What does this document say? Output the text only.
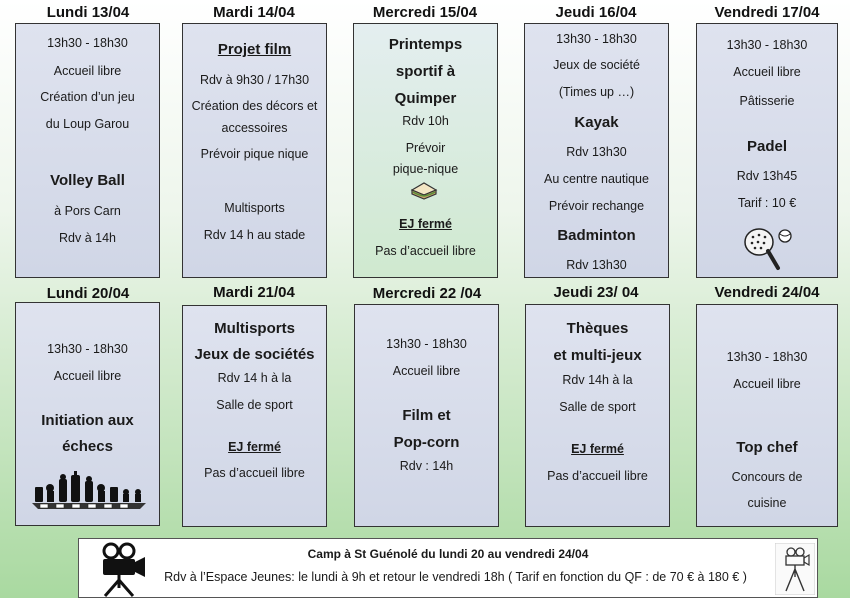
Lundi 13/04	Mardi 14/04	Mercredi 15/04	Jeudi 16/04	Vendredi 17/04
13h30 - 18h30
Accueil libre
Création d’un jeu
du Loup Garou
Volley Ball
à Pors Carn
Rdv à 14h
Projet film
Rdv à 9h30 / 17h30
Création des décors et
accessoires
Prévoir pique nique
Multisports
Rdv 14 h au stade
Printemps
sportif à
Quimper
Rdv 10h
Prévoir
pique-nique
EJ fermé
Pas d’accueil libre
13h30 - 18h30
Jeux de société
(Times up …)
Kayak
Rdv 13h30
Au centre nautique
Prévoir rechange
Badminton
Rdv 13h30
13h30 - 18h30
Accueil libre
Pâtisserie
Padel
Rdv 13h45
Tarif : 10 €
Lundi 20/04	Mardi 21/04	Mercredi 22 /04	Jeudi 23/ 04	Vendredi 24/04
13h30 - 18h30
Accueil libre
Initiation aux
échecs
Multisports
Jeux de sociétés
Rdv 14 h à la
Salle de sport
EJ fermé
Pas d’accueil libre
13h30 - 18h30
Accueil libre
Film et
Pop-corn
Rdv : 14h
Thèques
et multi-jeux
Rdv 14h à la
Salle de sport
EJ fermé
Pas d’accueil libre
13h30 - 18h30
Accueil libre
Top chef
Concours de
cuisine
Camp à St Guénolé du lundi 20 au vendredi 24/04
Rdv à l’Espace Jeunes: le lundi à 9h et retour le vendredi 18h ( Tarif en fonction du QF : de 70 € à 180 € )
